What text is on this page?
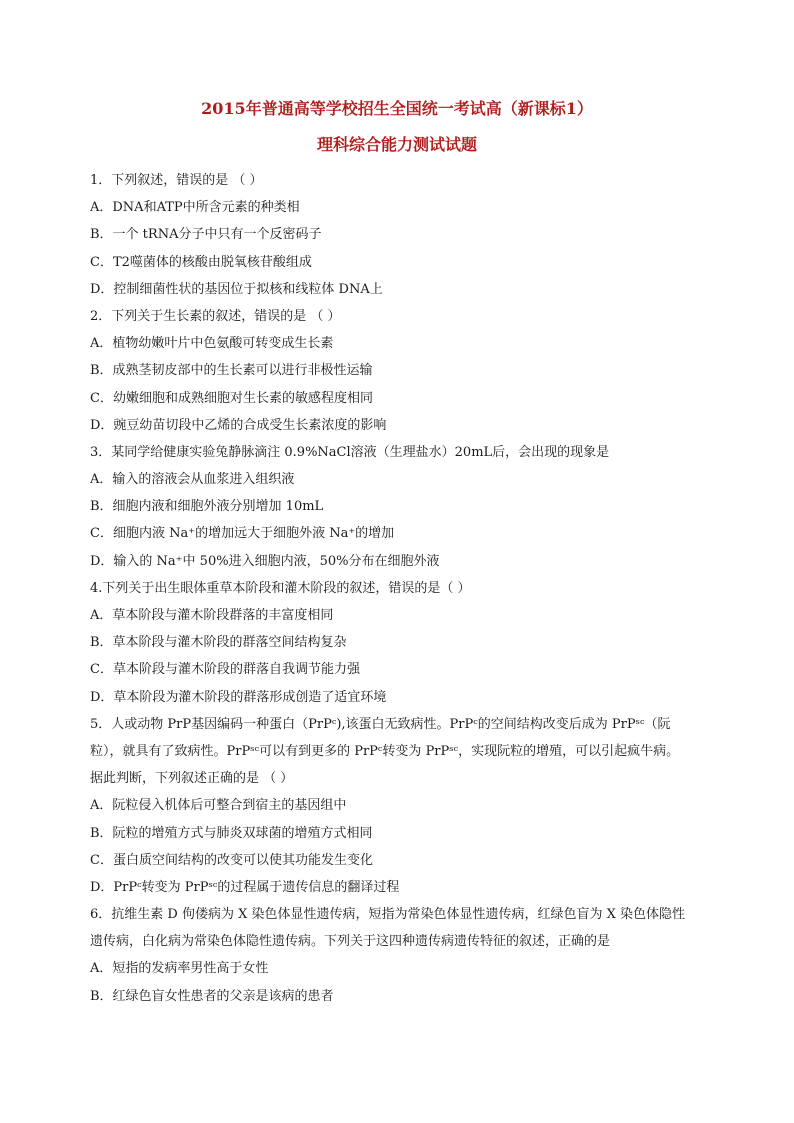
2015年普通高等学校招生全国统一考试高（新课标1）
理科综合能力测试试题
1．下列叙述，错误的是 （ ）
A．DNA和ATP中所含元素的种类相
B．一个 tRNA分子中只有一个反密码子
C．T2噬菌体的核酸由脱氧核苷酸组成
D．控制细菌性状的基因位于拟核和线粒体 DNA上
2．下列关于生长素的叙述，错误的是 （ ）
A．植物幼嫩叶片中色氨酸可转变成生长素
B．成熟茎韧皮部中的生长素可以进行非极性运输
C．幼嫩细胞和成熟细胞对生长素的敏感程度相同
D．豌豆幼苗切段中乙烯的合成受生长素浓度的影响
3．某同学给健康实验兔静脉滴注 0.9%NaCl溶液（生理盐水）20mL后，会出现的现象是
A．输入的溶液会从血浆进入组织液
B．细胞内液和细胞外液分别增加 10mL
C．细胞内液 Na⁺的增加远大于细胞外液 Na⁺的增加
D．输入的 Na⁺中 50%进入细胞内液，50%分布在细胞外液
4.下列关于出生眼体重草本阶段和灌木阶段的叙述，错误的是（ ）
A．草本阶段与灌木阶段群落的丰富度相同
B．草本阶段与灌木阶段的群落空间结构复杂
C．草本阶段与灌木阶段的群落自我调节能力强
D．草本阶段为灌木阶段的群落形成创造了适宜环境
5．人或动物 PrP基因编码一种蛋白（PrPᶜ),该蛋白无致病性。PrPᶜ的空间结构改变后成为 PrPˢᶜ（阮
粒），就具有了致病性。PrPˢᶜ可以有到更多的 PrPᶜ转变为 PrPˢᶜ，实现阮粒的增殖，可以引起疯牛病。
据此判断，下列叙述正确的是 （ ）
A．阮粒侵入机体后可整合到宿主的基因组中
B．阮粒的增殖方式与肺炎双球菌的增殖方式相同
C．蛋白质空间结构的改变可以使其功能发生变化
D．PrPᶜ转变为 PrPˢᶜ的过程属于遗传信息的翻译过程
6．抗维生素 D 佝偻病为 X 染色体显性遗传病，短指为常染色体显性遗传病，红绿色盲为 X 染色体隐性
遗传病，白化病为常染色体隐性遗传病。下列关于这四种遗传病遗传特征的叙述，正确的是
A．短指的发病率男性高于女性
B．红绿色盲女性患者的父亲是该病的患者
